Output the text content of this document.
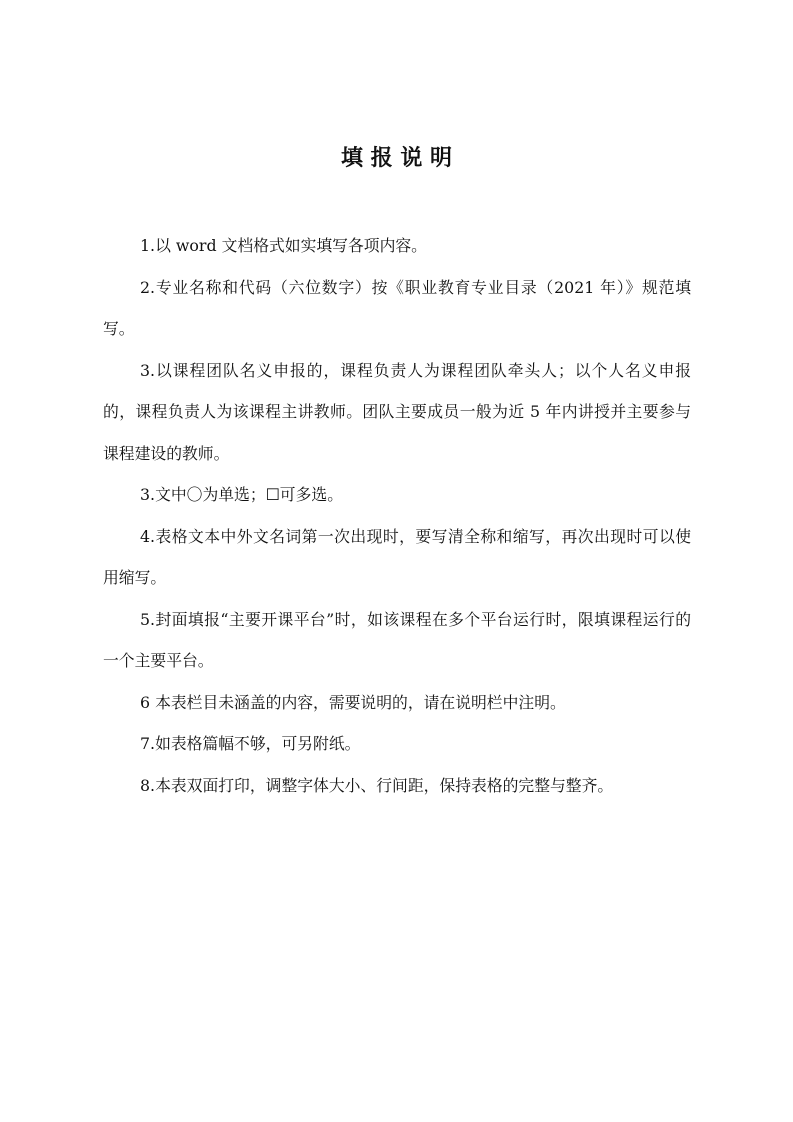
填 报 说 明

1.以 word 文档格式如实填写各项内容。

2.专业名称和代码（六位数字）按《职业教育专业目录（2021 年）》规范填写。

3.以课程团队名义申报的，课程负责人为课程团队牵头人；以个人名义申报的，课程负责人为该课程主讲教师。团队主要成员一般为近 5 年内讲授并主要参与课程建设的教师。

3.文中〇为单选；☐可多选。

4.表格文本中外文名词第一次出现时，要写清全称和缩写，再次出现时可以使用缩写。

5.封面填报“主要开课平台”时，如该课程在多个平台运行时，限填课程运行的一个主要平台。

6 本表栏目未涵盖的内容，需要说明的，请在说明栏中注明。

7.如表格篇幅不够，可另附纸。

8.本表双面打印，调整字体大小、行间距，保持表格的完整与整齐。
